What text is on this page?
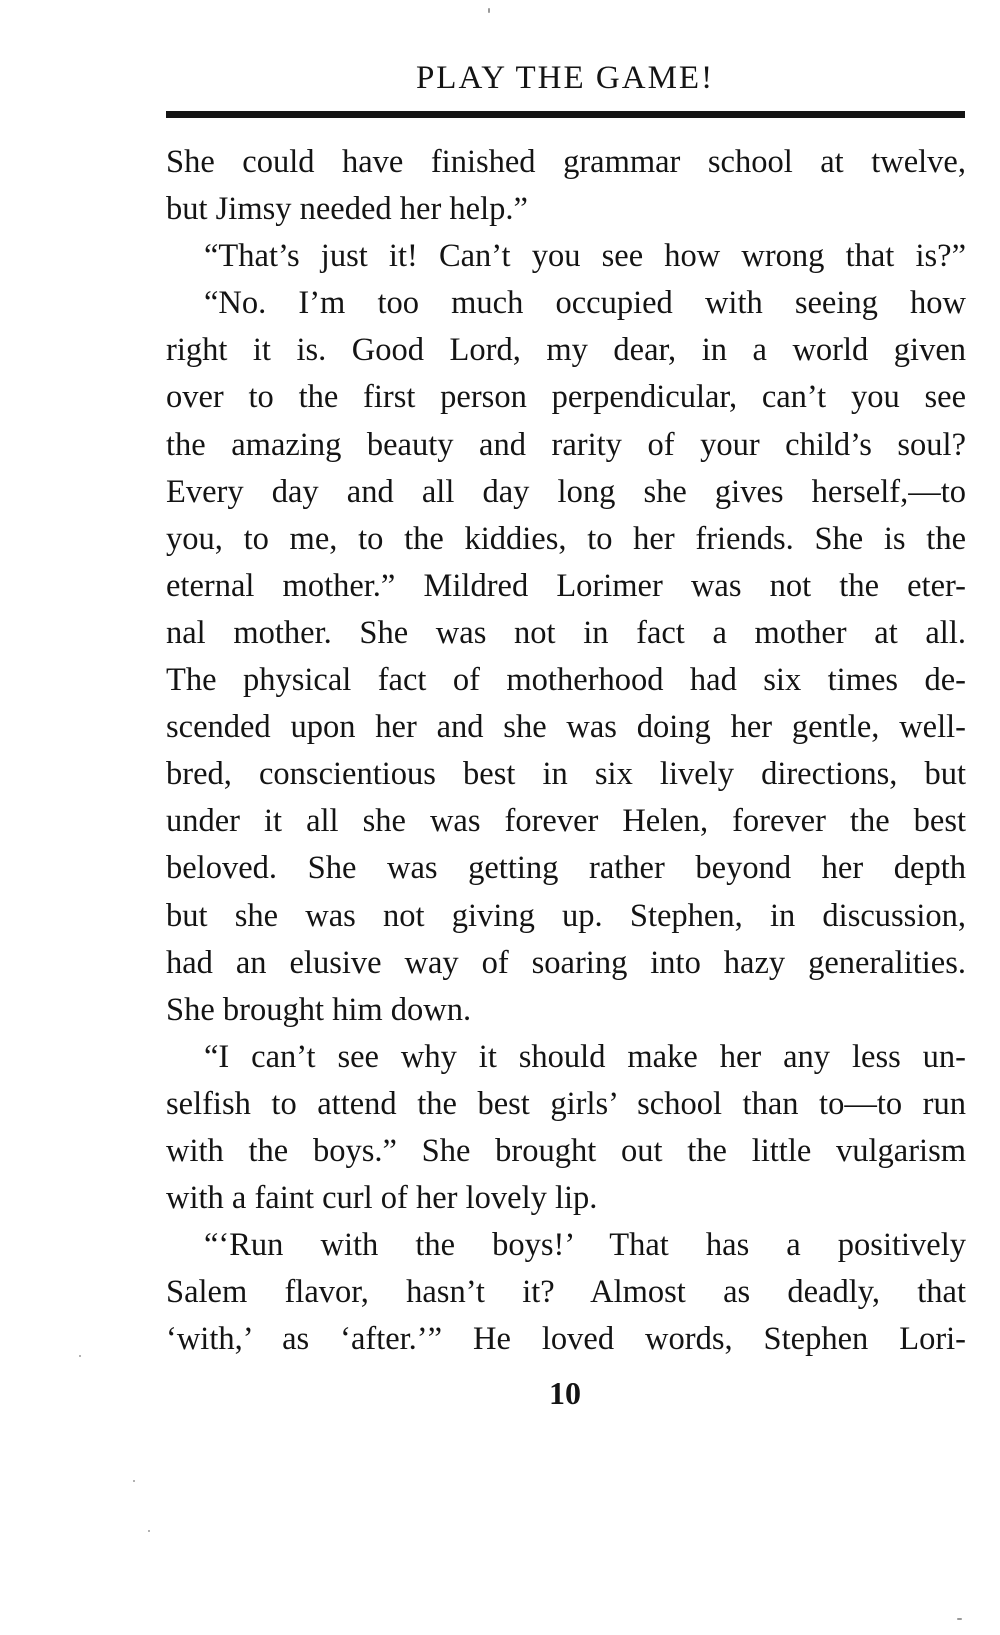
PLAY THE GAME!
She could have finished grammar school at twelve,
but Jimsy needed her help.”
“That’s just it! Can’t you see how wrong that is?”
“No. I’m too much occupied with seeing how
right it is. Good Lord, my dear, in a world given
over to the first person perpendicular, can’t you see
the amazing beauty and rarity of your child’s soul?
Every day and all day long she gives herself,—to
you, to me, to the kiddies, to her friends. She is the
eternal mother.” Mildred Lorimer was not the eter-
nal mother. She was not in fact a mother at all.
The physical fact of motherhood had six times de-
scended upon her and she was doing her gentle, well-
bred, conscientious best in six lively directions, but
under it all she was forever Helen, forever the best
beloved. She was getting rather beyond her depth
but she was not giving up. Stephen, in discussion,
had an elusive way of soaring into hazy generalities.
She brought him down.
“I can’t see why it should make her any less un-
selfish to attend the best girls’ school than to—to run
with the boys.” She brought out the little vulgarism
with a faint curl of her lovely lip.
“‘Run with the boys!’ That has a positively
Salem flavor, hasn’t it? Almost as deadly, that
‘with,’ as ‘after.’” He loved words, Stephen Lori-
10
